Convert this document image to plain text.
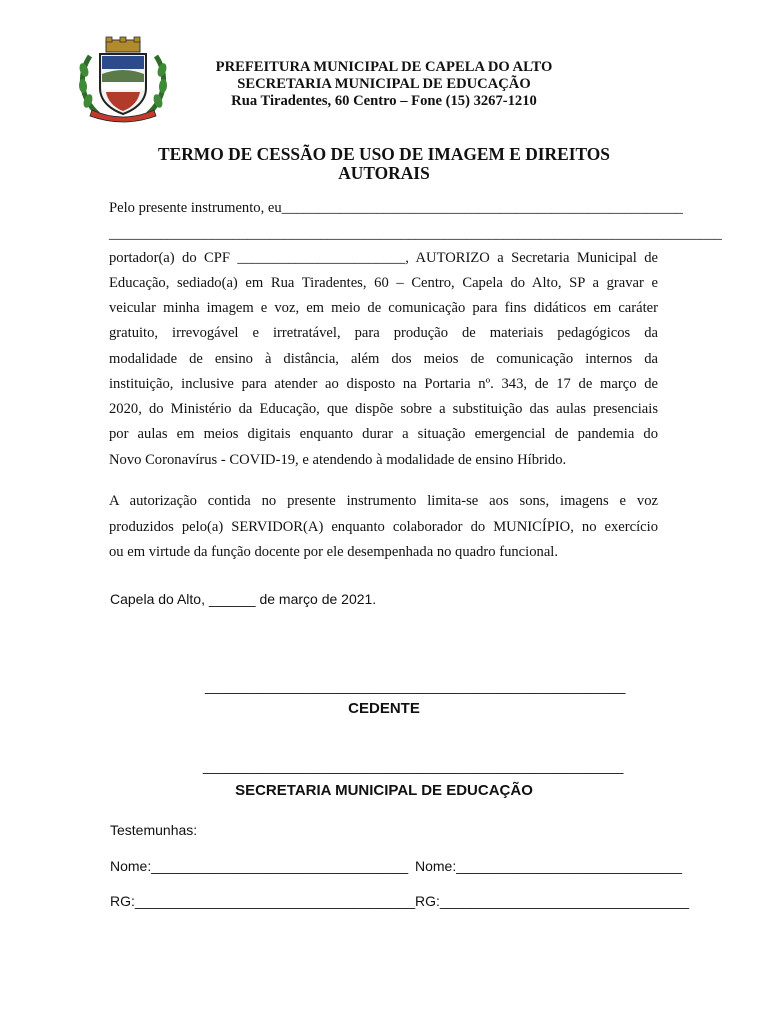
PREFEITURA MUNICIPAL DE CAPELA DO ALTO
SECRETARIA MUNICIPAL DE EDUCAÇÃO
Rua Tiradentes, 60 Centro – Fone (15) 3267-1210
TERMO DE CESSÃO DE USO DE IMAGEM E DIREITOS
AUTORAIS
Pelo presente instrumento, eu_______________________________________________________
____________________________________________________________________________________
portador(a) do CPF _______________________, AUTORIZO a Secretaria Municipal de
Educação, sediado(a) em Rua Tiradentes, 60 – Centro, Capela do Alto, SP a gravar e
veicular minha imagem e voz, em meio de comunicação para fins didáticos em caráter
gratuito, irrevogável e irretratável, para produção de materiais pedagógicos da
modalidade de ensino à distância, além dos meios de comunicação internos da
instituição, inclusive para atender ao disposto na Portaria nº. 343, de 17 de março de
2020, do Ministério da Educação, que dispõe sobre a substituição das aulas presenciais
por aulas em meios digitais enquanto durar a situação emergencial de pandemia do
Novo Coronavírus - COVID-19, e atendendo à modalidade de ensino Híbrido.
A autorização contida no presente instrumento limita-se aos sons, imagens e voz
produzidos pelo(a) SERVIDOR(A) enquanto colaborador do MUNICÍPIO, no exercício
ou em virtude da função docente por ele desempenhada no quadro funcional.
Capela do Alto, ______ de março de 2021.
______________________________________________________
CEDENTE
______________________________________________________
SECRETARIA MUNICIPAL DE EDUCAÇÃO
Testemunhas:
Nome:_________________________________ Nome:_____________________________
RG:____________________________________ RG:________________________________
